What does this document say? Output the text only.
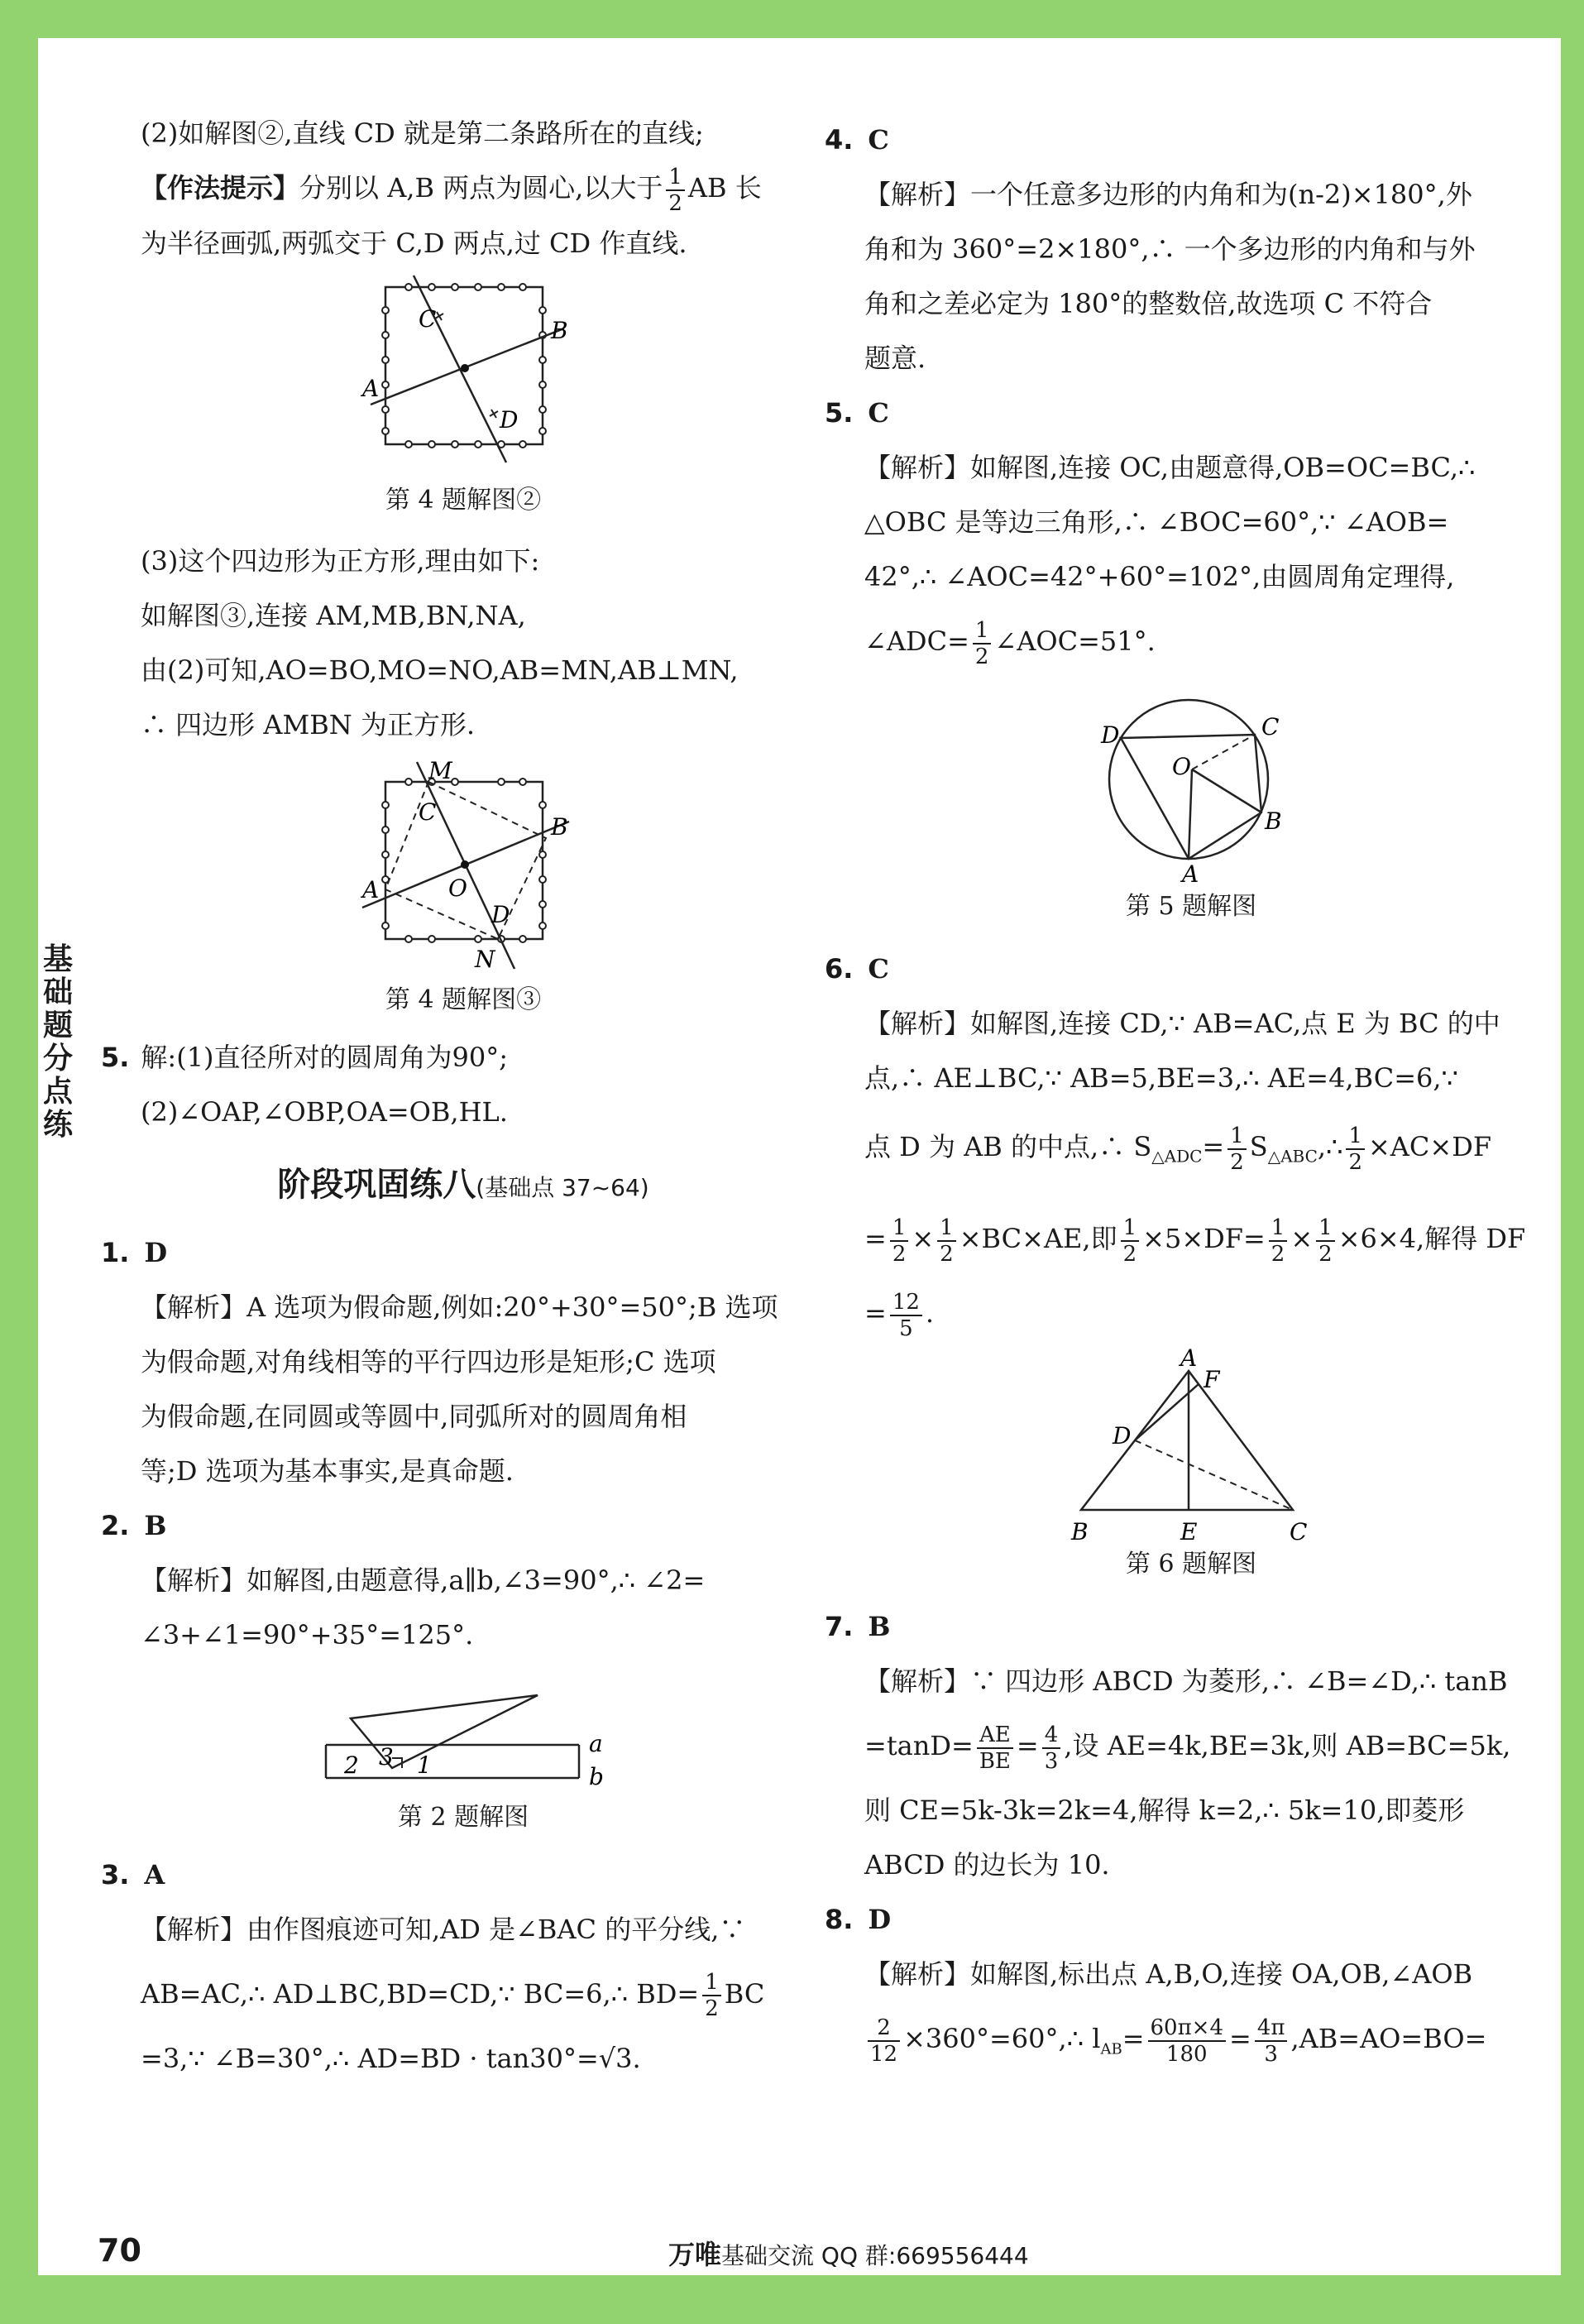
基
础
题
分
点
练
(2)如解图②,直线 CD 就是第二条路所在的直线;
【作法提示】分别以 A,B 两点为圆心,以大于 $\frac{1}{2}$ AB 长
为半径画弧,两弧交于 C,D 两点,过 CD 作直线.
C	B
A
D
第 4 题解图②
(3)这个四边形为正方形,理由如下:
如解图③,连接 AM,MB,BN,NA,
由(2)可知,AO=BO,MO=NO,AB=MN,AB⊥MN,
∴ 四边形 AMBN 为正方形.
M
C
B
A	O
D
N
第 4 题解图③
5. 解:(1)直径所对的圆周角为90°;
(2)∠OAP,∠OBP,OA=OB,HL.
阶段巩固练八(基础点 37~64)
1. D
【解析】A 选项为假命题,例如:20°+30°=50°;B 选项
为假命题,对角线相等的平行四边形是矩形;C 选项
为假命题,在同圆或等圆中,同弧所对的圆周角相
等;D 选项为基本事实,是真命题.
2. B
【解析】如解图,由题意得,a∥b,∠3=90°,∴ ∠2=
∠3+∠1=90°+35°=125°.
2 3 1
a
b
第 2 题解图
3. A
【解析】由作图痕迹可知,AD 是∠BAC 的平分线,∵
AB=AC,∴ AD⊥BC,BD=CD,∵ BC=6,∴ $BD= \frac{1}{2}$ BC
=3,∵ ∠B=30°,∴ AD=BD · tan30°=√3.
4. C
【解析】一个任意多边形的内角和为(n-2)×180°,外
角和为 360°=2×180°,∴ 一个多边形的内角和与外
角和之差必定为 180°的整数倍,故选项 C 不符合
题意.
5. C
【解析】如解图,连接 OC,由题意得,OB=OC=BC,∴
△OBC 是等边三角形,∴ ∠BOC=60°,∵ ∠AOB=
42°,∴ ∠AOC=42°+60°=102°,由圆周角定理得,
∠ADC= $\frac{1}{2}$ ∠AOC=51°.
D	C
O
B
A
第 5 题解图
6. C
【解析】如解图,连接 CD,∵ AB=AC,点 E 为 BC 的中
点,∴ AE⊥BC,∵ AB=5,BE=3,∴ AE=4,BC=6,∵
点 D 为 AB 的中点,∴ $S_{\triangle ADC}= \frac{1}{2}$ $S_{\triangle ABC},\therefore \frac{1}{2} \times AC\times DF$
= $\frac{1}{2} \times \frac{1}{2} \times BC\times AE$,即 $\frac{1}{2} \times 5\times DF= \frac{1}{2} \times \frac{1}{2} \times 6\times 4$,解得 DF
= $\frac{12}{5}$ .
A
F
D
B	E	C
第 6 题解图
7. B
【解析】∵ 四边形 ABCD 为菱形,∴ ∠B=∠D,∴ tanB
$=\tan D= \frac{AE}{BE} = \frac{4}{3}$ ,设 AE=4k,BE=3k,则 AB=BC=5k,
则 CE=5k-3k=2k=4,解得 k=2,∴ 5k=10,即菱形
ABCD 的边长为 10.
8. D
【解析】如解图,标出点 A,B,O,连接 OA,OB,∠AOB
$\frac{2}{12}$ ×360°=60°,∴ $l_{AB}= \frac{60\pi\times 4}{180} = \frac{4\pi}{3} ,AB=AO=BO=$
70	万唯基础交流 QQ 群:669556444
